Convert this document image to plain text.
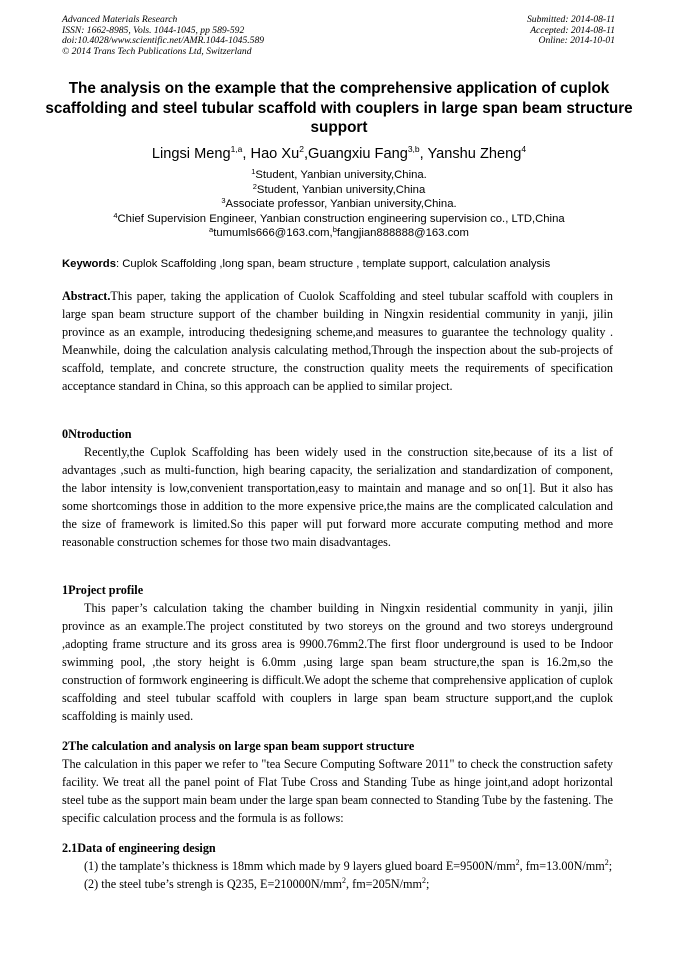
Advanced Materials Research
ISSN: 1662-8985, Vols. 1044-1045, pp 589-592
doi:10.4028/www.scientific.net/AMR.1044-1045.589
© 2014 Trans Tech Publications Ltd, Switzerland
Submitted: 2014-08-11
Accepted: 2014-08-11
Online: 2014-10-01
The analysis on the example that the comprehensive application of cuplok scaffolding and steel tubular scaffold with couplers in large span beam structure support
Lingsi Meng$^{1,a}$, Hao Xu$^2$,Guangxiu Fang$^{3,b}$, Yanshu Zheng$^4$
$^1$Student, Yanbian university,China.
$^2$Student, Yanbian university,China
$^3$Associate professor, Yanbian university,China.
$^4$Chief Supervision Engineer, Yanbian construction engineering supervision co., LTD,China
$^a$tumumls666@163.com,$^b$fangjian888888@163.com
Keywords: Cuplok Scaffolding ,long span, beam structure , template support, calculation analysis

Abstract.This paper, taking the application of Cuolok Scaffolding and steel tubular scaffold with couplers in large span beam structure support of the chamber building in Ningxin residential community in yanji, jilin province as an example, introducing thedesigning scheme,and measures to guarantee the technology quality . Meanwhile, doing the calculation analysis calculating method,Through the inspection about the sub-projects of scaffold, template, and concrete structure, the construction quality meets the requirements of specification acceptance standard in China, so this approach can be applied to similar project.

0Ntroduction

Recently,the Cuplok Scaffolding has been widely used in the construction site,because of its a list of advantages ,such as multi-function, high bearing capacity, the serialization and standardization of component, the labor intensity is low,convenient transportation,easy to maintain and manage and so on[1]. But it also has some shortcomings those in addition to the more expensive price,the mains are the complicated calculation and the size of framework is limited.So this paper will put forward more accurate computing method and more reasonable construction schemes for those two main disadvantages.

1Project profile

This paper’s calculation taking the chamber building in Ningxin residential community in yanji, jilin province as an example.The project constituted by two storeys on the ground and two storeys underground ,adopting frame structure and its gross area is 9900.76mm2.The first floor underground is used to be Indoor swimming pool, ,the story height is 6.0mm ,using large span beam structure,the span is 16.2m,so the construction of formwork engineering is difficult.We adopt the scheme that comprehensive application of cuplok scaffolding and steel tubular scaffold with couplers in large span beam structure support,and the cuplok scaffolding is mainly used.

2The calculation and analysis on large span beam support structure

The calculation in this paper we refer to "tea Secure Computing Software 2011" to check the construction safety facility. We treat all the panel point of Flat Tube Cross and Standing Tube as hinge joint,and adopt horizontal steel tube as the support main beam under the large span beam connected to Standing Tube by the fastening. The specific calculation process and the formula is as follows:

2.1Data of engineering design

(1) the tamplate’s thickness is 18mm which made by 9 layers glued board $E=9500N/mm^2$, $fm=13.00N/mm^2$;

(2) the steel tube’s strengh is Q235, $E=210000N/mm^2$, $fm=205N/mm^2$;
